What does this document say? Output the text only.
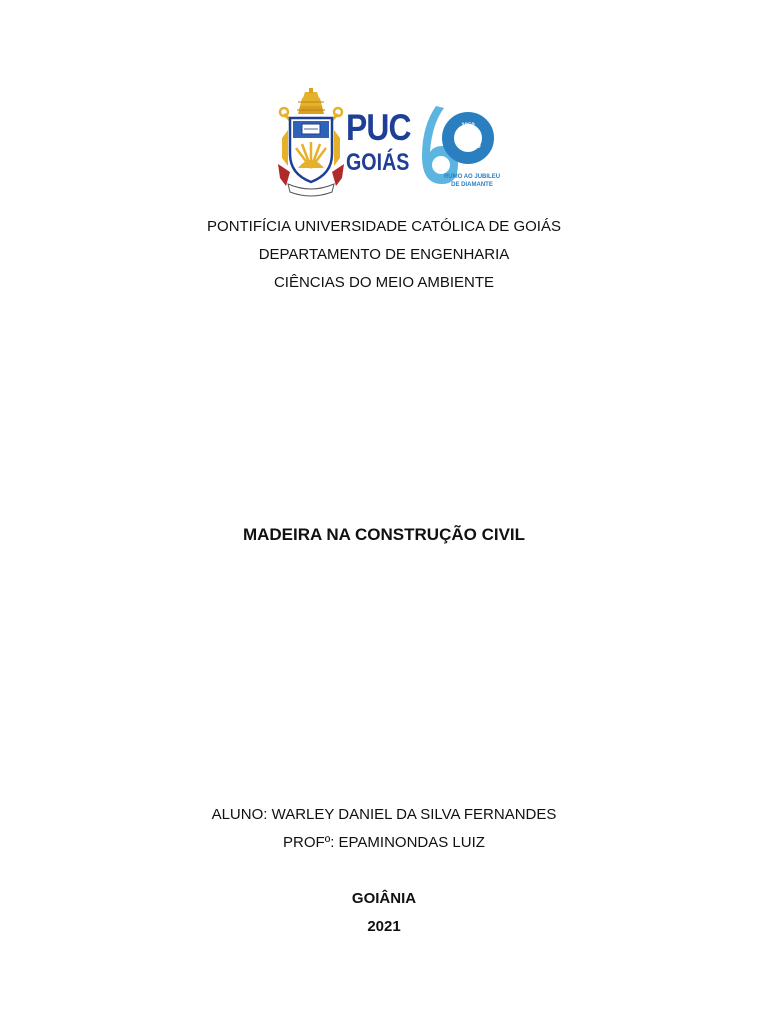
PUC
GOIÁS
1959
2019
RUMO AO JUBILEU
DE DIAMANTE
PONTIFÍCIA UNIVERSIDADE CATÓLICA DE GOIÁS
DEPARTAMENTO DE ENGENHARIA
CIÊNCIAS DO MEIO AMBIENTE
MADEIRA NA CONSTRUÇÃO CIVIL
ALUNO: WARLEY DANIEL DA SILVA FERNANDES
PROFº: EPAMINONDAS LUIZ
GOIÂNIA
2021
